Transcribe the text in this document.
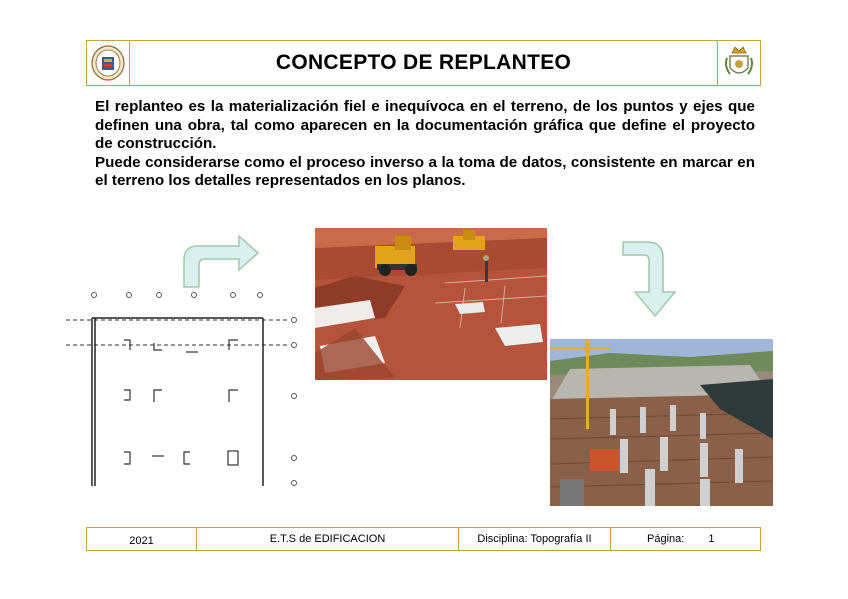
CONCEPTO DE REPLANTEO

El replanteo es la materialización fiel e inequívoca en el terreno, de los puntos y ejes que definen una obra, tal como aparecen en la documentación gráfica que define el proyecto de construcción.

Puede considerarse como el proceso inverso a la toma de datos, consistente en marcar en el terreno los detalles representados en los planos.

2021	E.T.S de EDIFICACION	Disciplina: Topografía II	Página: 1
